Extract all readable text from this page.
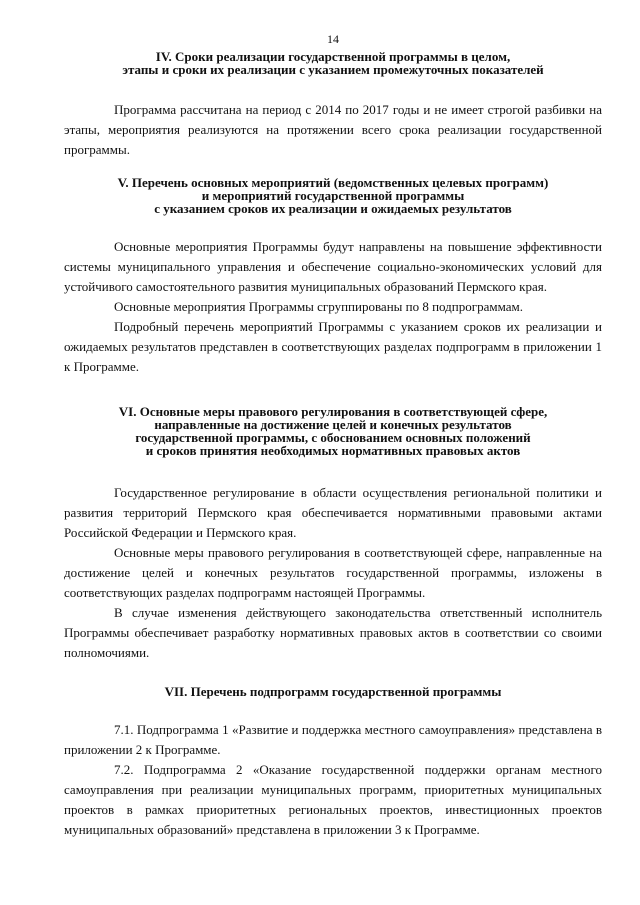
14
IV. Сроки реализации государственной программы в целом,
этапы и сроки их реализации с указанием промежуточных показателей

Программа рассчитана на период с 2014 по 2017 годы и не имеет строгой разбивки на этапы, мероприятия реализуются на протяжении всего срока реализации государственной программы.

V. Перечень основных мероприятий (ведомственных целевых программ)
и мероприятий государственной программы
с указанием сроков их реализации и ожидаемых результатов

Основные мероприятия Программы будут направлены на повышение эффективности системы муниципального управления и обеспечение социально-экономических условий для устойчивого самостоятельного развития муниципальных образований Пермского края.

Основные мероприятия Программы сгруппированы по 8 подпрограммам.

Подробный перечень мероприятий Программы с указанием сроков их реализации и ожидаемых результатов представлен в соответствующих разделах подпрограмм в приложении 1 к Программе.

VI. Основные меры правового регулирования в соответствующей сфере,
направленные на достижение целей и конечных результатов
государственной программы, с обоснованием основных положений
и сроков принятия необходимых нормативных правовых актов

Государственное регулирование в области осуществления региональной политики и развития территорий Пермского края обеспечивается нормативными правовыми актами Российской Федерации и Пермского края.

Основные меры правового регулирования в соответствующей сфере, направленные на достижение целей и конечных результатов государственной программы, изложены в соответствующих разделах подпрограмм настоящей Программы.

В случае изменения действующего законодательства ответственный исполнитель Программы обеспечивает разработку нормативных правовых актов в соответствии со своими полномочиями.

VII. Перечень подпрограмм государственной программы

7.1. Подпрограмма 1 «Развитие и поддержка местного самоуправления» представлена в приложении 2 к Программе.

7.2. Подпрограмма 2 «Оказание государственной поддержки органам местного самоуправления при реализации муниципальных программ, приоритетных муниципальных проектов в рамках приоритетных региональных проектов, инвестиционных проектов муниципальных образований» представлена в приложении 3 к Программе.
